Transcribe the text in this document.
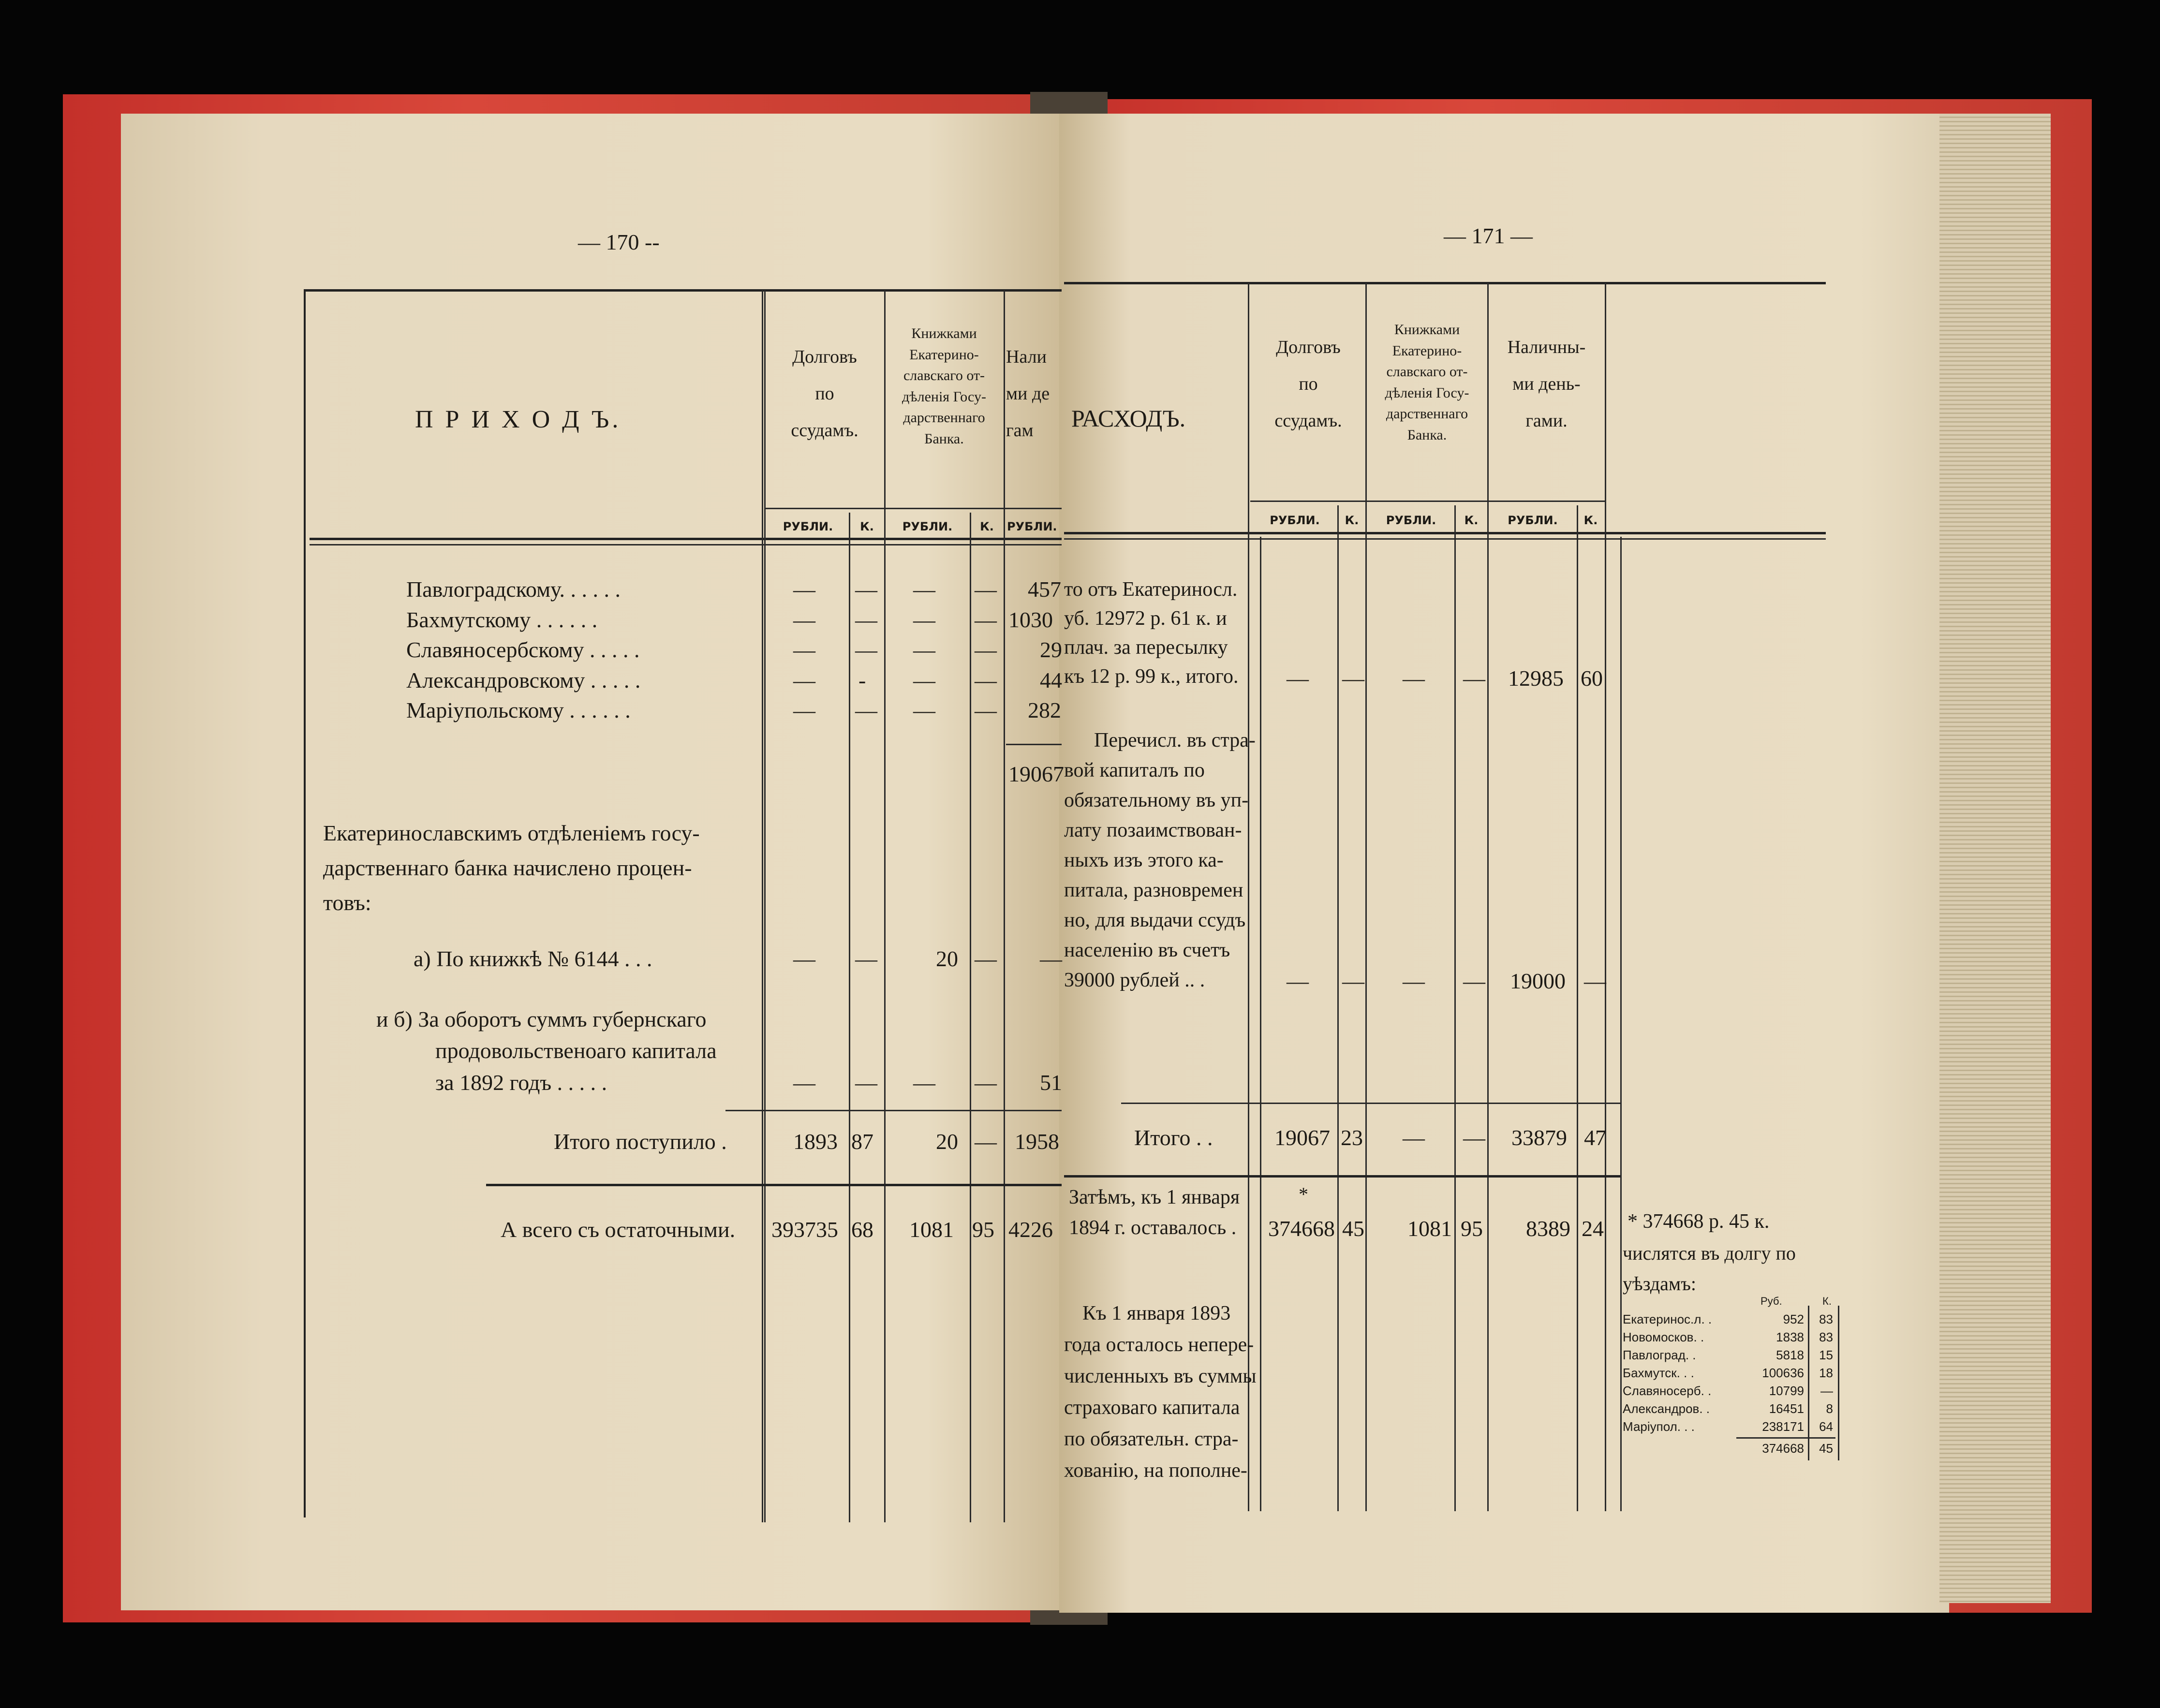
— 170 --
П Р И Х О Д Ъ.
Долговъ
по
ссудамъ.
Книжками
Екатерино-
славскаго от-
дѣленія Госу-
дарственнаго
Банка.
Нали
ми де
гам
РУБЛИ.	К.	РУБЛИ.	К.	РУБЛИ.
Павлоградскому. . . . . .	— — — — 457
Бахмутскому . . . . . .	— — — — 1030
Славяносербскому . . . . .	— — — — 29
Александровскому . . . . .	— - — — 44
Маріупольскому . . . . . .	— — — — 282
19067
Екатеринославскимъ отдѣленіемъ госу-
дарственнаго банка начислено процен-
товъ:
а) По книжкѣ № 6144 . . .	— —	20 — —
и б) За оборотъ суммъ губернскаго
продовольственоаго капитала
за 1892 годъ . . . . .	— — — — 51
Итого поступило .	1893 87	20 — 1958
А всего съ остаточными. 393735 68 1081 95 4226
— 171 —
РАСХОДЪ.
Долговъ
по
ссудамъ.
Книжками
Екатерино-
славскаго от-
дѣленія Госу-
дарственнаго
Банка.
Наличны-
ми день-
гами.
РУБЛИ.	К.	РУБЛИ.	К.	РУБЛИ.	К.
то отъ Екатериносл.
уб. 12972 р. 61 к. и
плач. за пересылку
къ 12 р. 99 к., итого. — — — — 12985 60
Перечисл. въ стра-
вой капиталъ по
обязательному въ уп-
лату позаимствован-
ныхъ изъ этого ка-
питала, разновремен
но, для выдачи ссудъ
населенію въ счетъ
39000 рублей .. .	— — — — 19000 —
Итого . .	19067 23 — — 33879 47
Затѣмъ, къ 1 января
1894 г. оставалось .
*
374668 45 1081 95 8389 24
Къ 1 января 1893
года осталось непере-
численныхъ въ суммы
страховаго капитала
по обязательн. стра-
хованію, на пополне-
* 374668 р. 45 к.
числятся въ долгу по
уѣздамъ:
Руб.	К.
Екатеринос.л. .	952	83
Новомосков. .	1838	83
Павлоград. .	5818	15
Бахмутск. . .	100636	18
Славяносерб. .	10799	—
Александров. .	16451	8
Маріупол. . .	238171	64
374668	45
